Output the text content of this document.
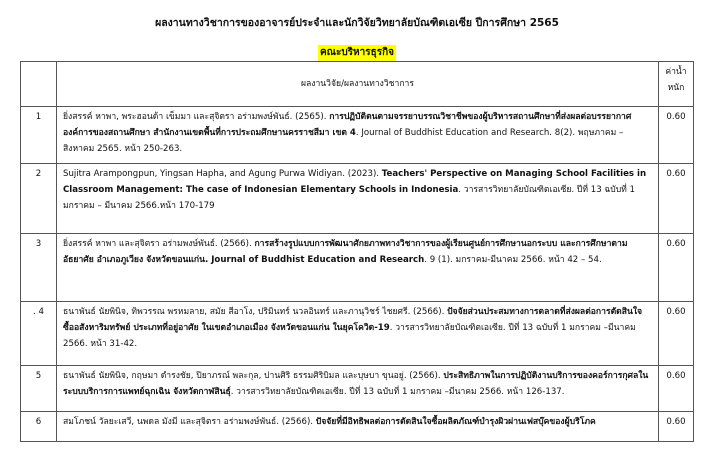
ผลงานทางวิชาการของอาจารย์ประจำและนักวิจัยวิทยาลัยบัณฑิตเอเซีย ปีการศึกษา 2565
คณะบริหารธุรกิจ
	ผลงานวิจัย/ผลงานทางวิชาการ	ค่าน้ำหนัก
1	ยิ่งสรรค์ หาพา, พระฮอนด้า เข็มมา และสุจิตรา อร่ามพงษ์พันธ์. (2565). การปฏิบัติตนตามจรรยาบรรณวิชาชีพของผู้บริหารสถานศึกษาที่ส่งผลต่อบรรยากาศองค์การของสถานศึกษา สำนักงานเขตพื้นที่การประถมศึกษานครราชสีมา เขต 4. Journal of Buddhist Education and Research. 8(2). พฤษภาคม – สิงหาคม 2565. หน้า 250-263.	0.60
2	Sujitra Arampongpun, Yingsan Hapha, and Agung Purwa Widiyan. (2023). Teachers' Perspective on Managing School Facilities in Classroom Management: The case of Indonesian Elementary Schools in Indonesia. วารสารวิทยาลัยบัณฑิตเอเซีย. ปีที่ 13 ฉบับที่ 1 มกราคม – มีนาคม 2566.หน้า 170-179	0.60
3	ยิ่งสรรค์ หาพา และสุจิตรา อร่ามพงษ์พันธ์. (2566). การสร้างรูปแบบการพัฒนาศักยภาพทางวิชาการของผู้เรียนศูนย์การศึกษานอกระบบ และการศึกษาตามอัธยาศัย อำเภอภูเวียง จังหวัดขอนแก่น. Journal of Buddhist Education and Research. 9 (1). มกราคม-มีนาคม 2566. หน้า 42 – 54.	0.60
. 4	ธนาพันธ์ นัยพินิจ, ทิพวรรณ พรหมลาย, สมัย สีอาโง, ปริมินทร์ นวลอินทร์ และภานุวิชร์ ไชยศรี. (2566). ปัจจัยส่วนประสมทางการตลาดที่ส่งผลต่อการตัดสินใจซื้ออสังหาริมทรัพย์ ประเภทที่อยู่อาศัย ในเขตอำเภอเมือง จังหวัดขอนแก่น ในยุคโควิด-19. วารสารวิทยาลัยบัณฑิตเอเซีย. ปีที่ 13 ฉบับที่ 1 มกราคม –มีนาคม 2566. หน้า 31-42.	0.60
5	ธนาพันธ์ นัยพินิจ, กฤษมา ดำรงชัย, ปิยาภรณ์ พละกุล, ปานศิริ ธรรมศิริบิมล และบุษบา ขุนอยู่. (2566). ประสิทธิภาพในการปฏิบัติงานบริการของคอร์การกุศลในระบบบริการการแพทย์ฉุกเฉิน จังหวัดกาฬสินธุ์. วารสารวิทยาลัยบัณฑิตเอเซีย. ปีที่ 13 ฉบับที่ 1 มกราคม –มีนาคม 2566. หน้า 126-137.	0.60
6	สมโภชน์ วัลยะเสวี, นพดล มังมี และสุจิตรา อร่ามพงษ์พันธ์. (2566). ปัจจัยที่มีอิทธิพลต่อการตัดสินใจซื้อผลิตภัณฑ์บำรุงผิวผ่านเฟสบุ๊คของผู้บริโภค	0.60
